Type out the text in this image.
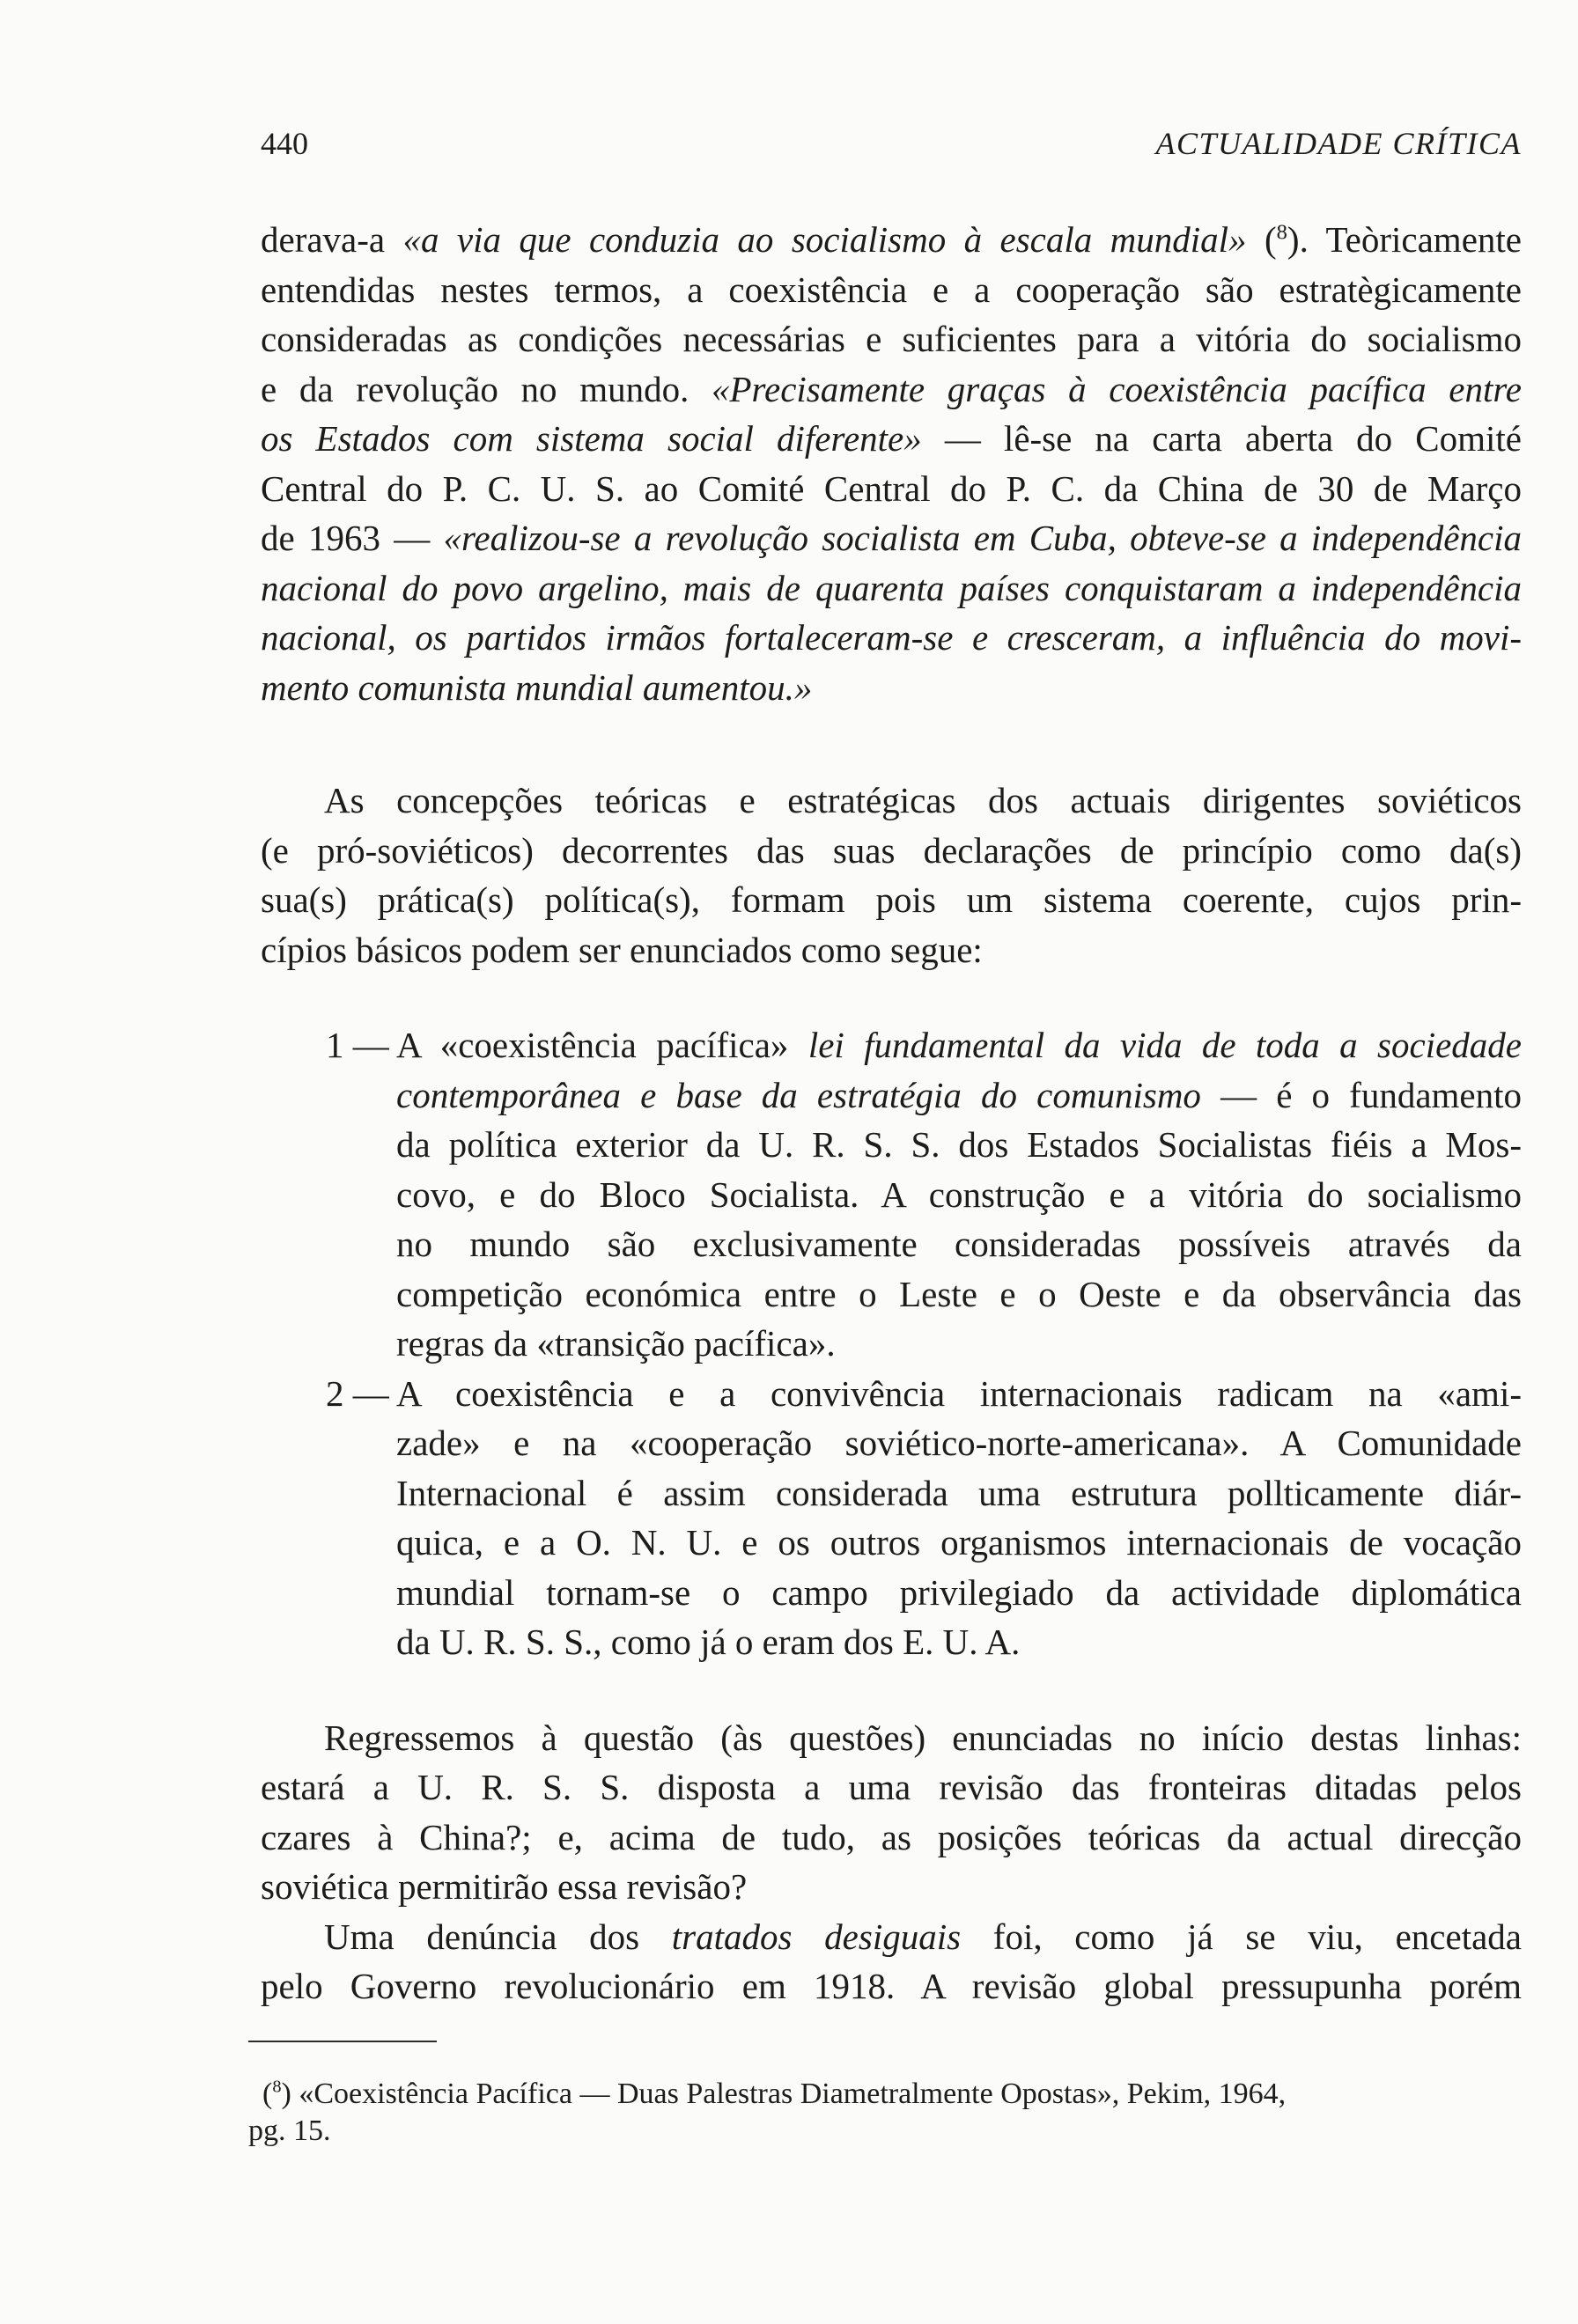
440	ACTUALIDADE CRÍTICA
derava-a «a via que conduzia ao socialismo à escala mundial» ($^8$). Teòricamente
entendidas nestes termos, a coexistência e a cooperação são estratègicamente
consideradas as condições necessárias e suficientes para a vitória do socialismo
e da revolução no mundo. «Precisamente graças à coexistência pacífica entre
os Estados com sistema social diferente» — lê-se na carta aberta do Comité
Central do P. C. U. S. ao Comité Central do P. C. da China de 30 de Março
de 1963 — «realizou-se a revolução socialista em Cuba, obteve-se a independência
nacional do povo argelino, mais de quarenta países conquistaram a independência
nacional, os partidos irmãos fortaleceram-se e cresceram, a influência do movi-
mento comunista mundial aumentou.»
As concepções teóricas e estratégicas dos actuais dirigentes soviéticos
(e pró-soviéticos) decorrentes das suas declarações de princípio como da(s)
sua(s) prática(s) política(s), formam pois um sistema coerente, cujos prin-
cípios básicos podem ser enunciados como segue:
1 — A «coexistência pacífica» lei fundamental da vida de toda a sociedade
contemporânea e base da estratégia do comunismo — é o fundamento
da política exterior da U. R. S. S. dos Estados Socialistas fiéis a Mos-
covo, e do Bloco Socialista. A construção e a vitória do socialismo
no mundo são exclusivamente consideradas possíveis através da
competição económica entre o Leste e o Oeste e da observância das
regras da «transição pacífica».
2 — A coexistência e a convivência internacionais radicam na «ami-
zade» e na «cooperação soviético-norte-americana». A Comunidade
Internacional é assim considerada uma estrutura pollticamente diár-
quica, e a O. N. U. e os outros organismos internacionais de vocação
mundial tornam-se o campo privilegiado da actividade diplomática
da U. R. S. S., como já o eram dos E. U. A.
Regressemos à questão (às questões) enunciadas no início destas linhas:
estará a U. R. S. S. disposta a uma revisão das fronteiras ditadas pelos
czares à China?; e, acima de tudo, as posições teóricas da actual direcção
soviética permitirão essa revisão?
Uma denúncia dos tratados desiguais foi, como já se viu, encetada
pelo Governo revolucionário em 1918. A revisão global pressupunha porém
($^8$) «Coexistência Pacífica — Duas Palestras Diametralmente Opostas», Pekim, 1964,
pg. 15.
